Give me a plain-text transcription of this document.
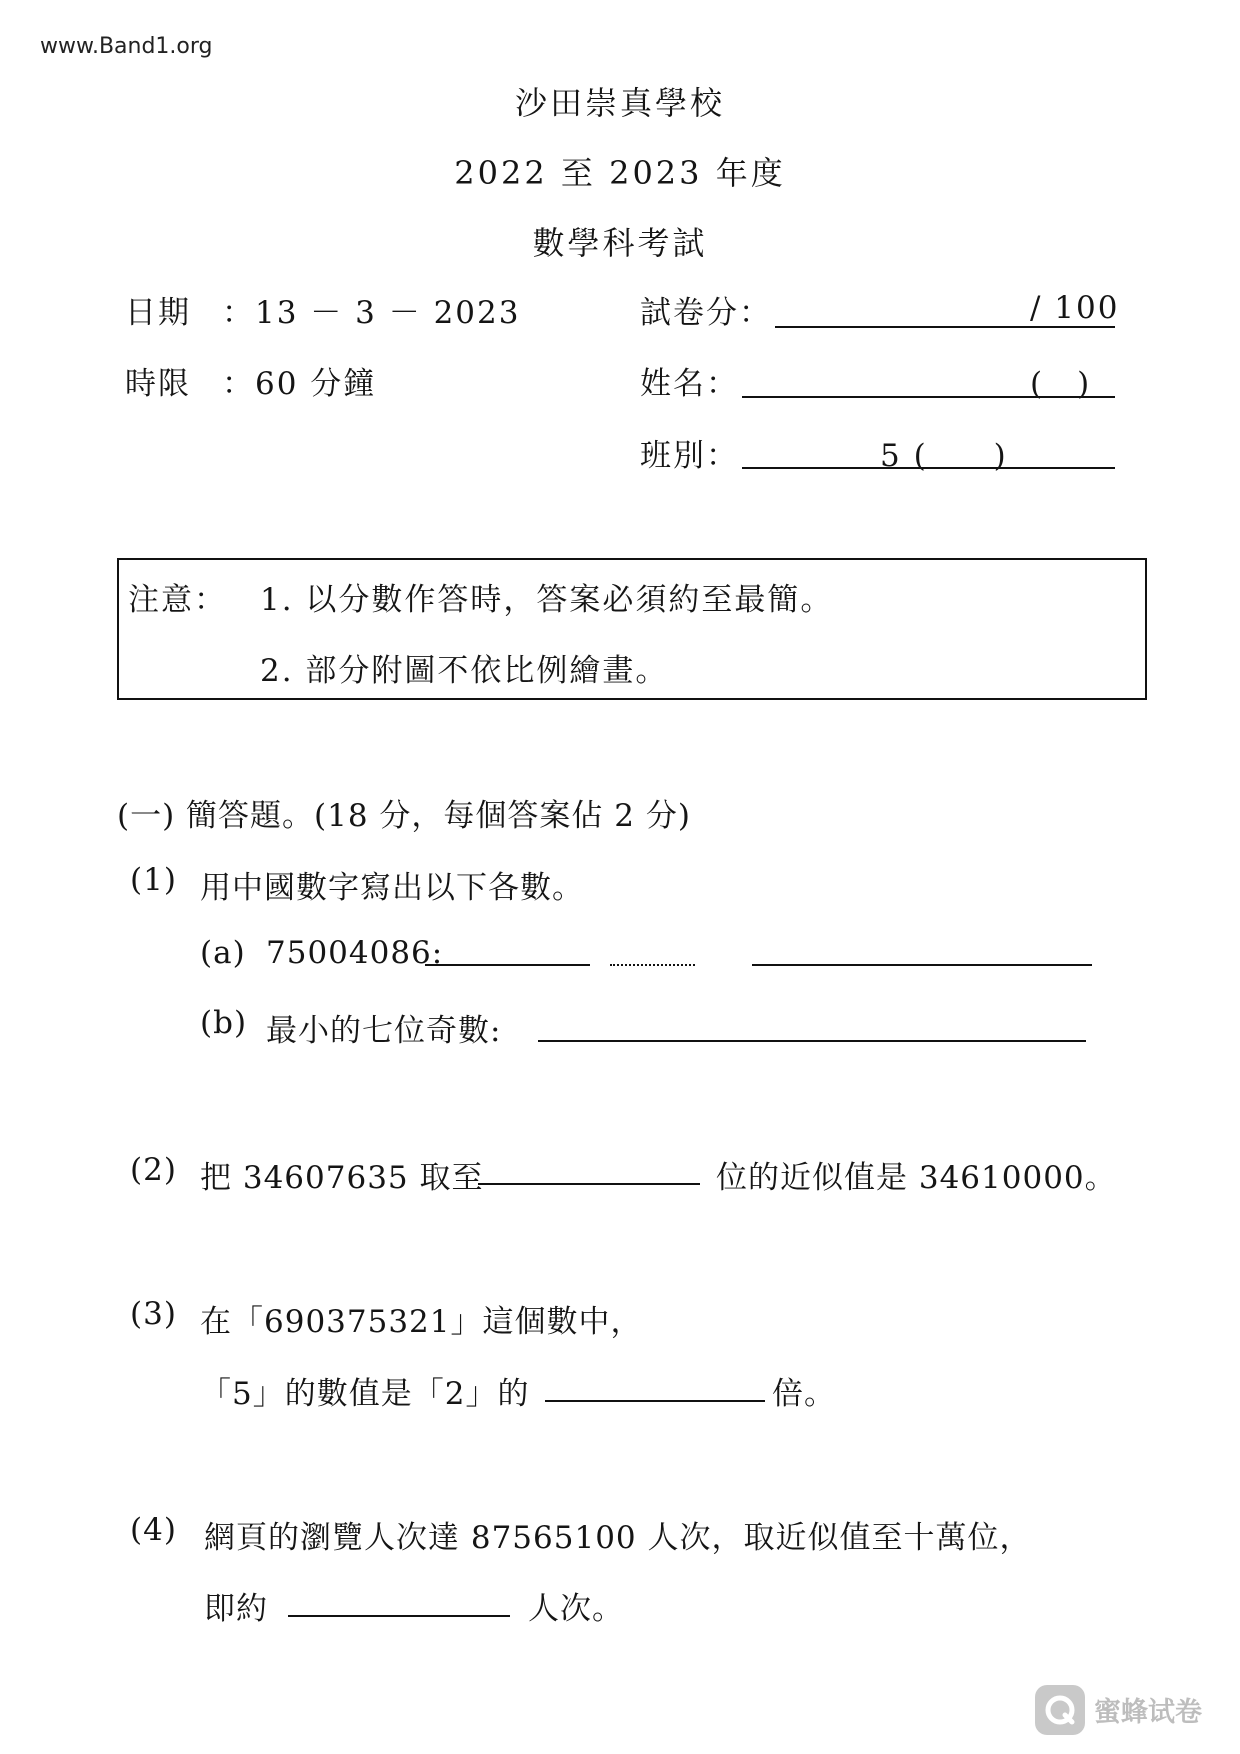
www.Band1.org
沙田崇真學校
2022 至 2023 年度
數學科考試
日期 ：13 － 3 － 2023
時限 ：60 分鐘
試卷分：	/ 100
姓名：	(　)
班別：	5 (　　)
注意： 1. 以分數作答時，答案必須約至最簡。
2. 部分附圖不依比例繪畫。
(一) 簡答題。(18 分，每個答案佔 2 分)
(1) 用中國數字寫出以下各數。
(a) 75004086:
(b) 最小的七位奇數:
(2) 把 34607635 取至	位的近似值是 34610000。
(3) 在「690375321」這個數中，
「5」的數值是「2」的	倍。
(4) 網頁的瀏覽人次達 87565100 人次，取近似值至十萬位，
即約	人次。
蜜蜂试卷
